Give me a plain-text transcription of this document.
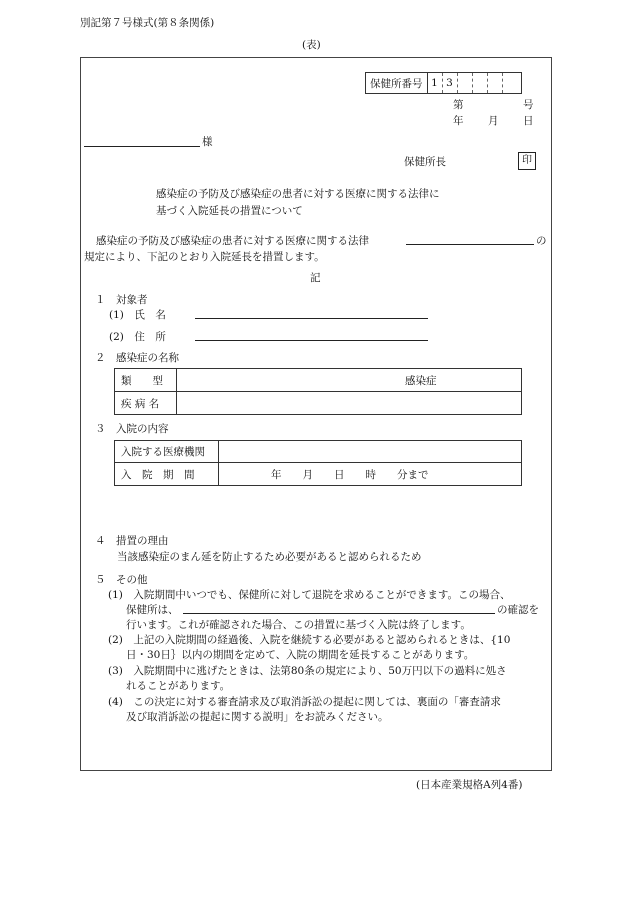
別記第７号様式(第８条関係)
(表)
保健所番号	1	3				
第	号
年 月 日
様
保健所長	印
感染症の予防及び感染症の患者に対する医療に関する法律に
基づく入院延長の措置について
感染症の予防及び感染症の患者に対する医療に関する法律	の
規定により、下記のとおり入院延長を措置します。
記
１　対象者
(1)　氏　名
(2)　住　所
２　感染症の名称
類　　型	感染症
疾 病 名	
３　入院の内容
入院する医療機関	
入　院　期　間	年　　月　　日　　時　　分まで
４　措置の理由
当該感染症のまん延を防止するため必要があると認められるため
５　その他
(1)　入院期間中いつでも、保健所に対して退院を求めることができます。この場合、
保健所は、	の確認を
行います。これが確認された場合、この措置に基づく入院は終了します。
(2)　上記の入院期間の経過後、入院を継続する必要があると認められるときは、{10
日・30日｝以内の期間を定めて、入院の期間を延長することがあります。
(3)　入院期間中に逃げたときは、法第80条の規定により、50万円以下の過料に処さ
れることがあります。
(4)　この決定に対する審査請求及び取消訴訟の提起に関しては、裏面の「審査請求
及び取消訴訟の提起に関する説明」をお読みください。
(日本産業規格A列4番)
